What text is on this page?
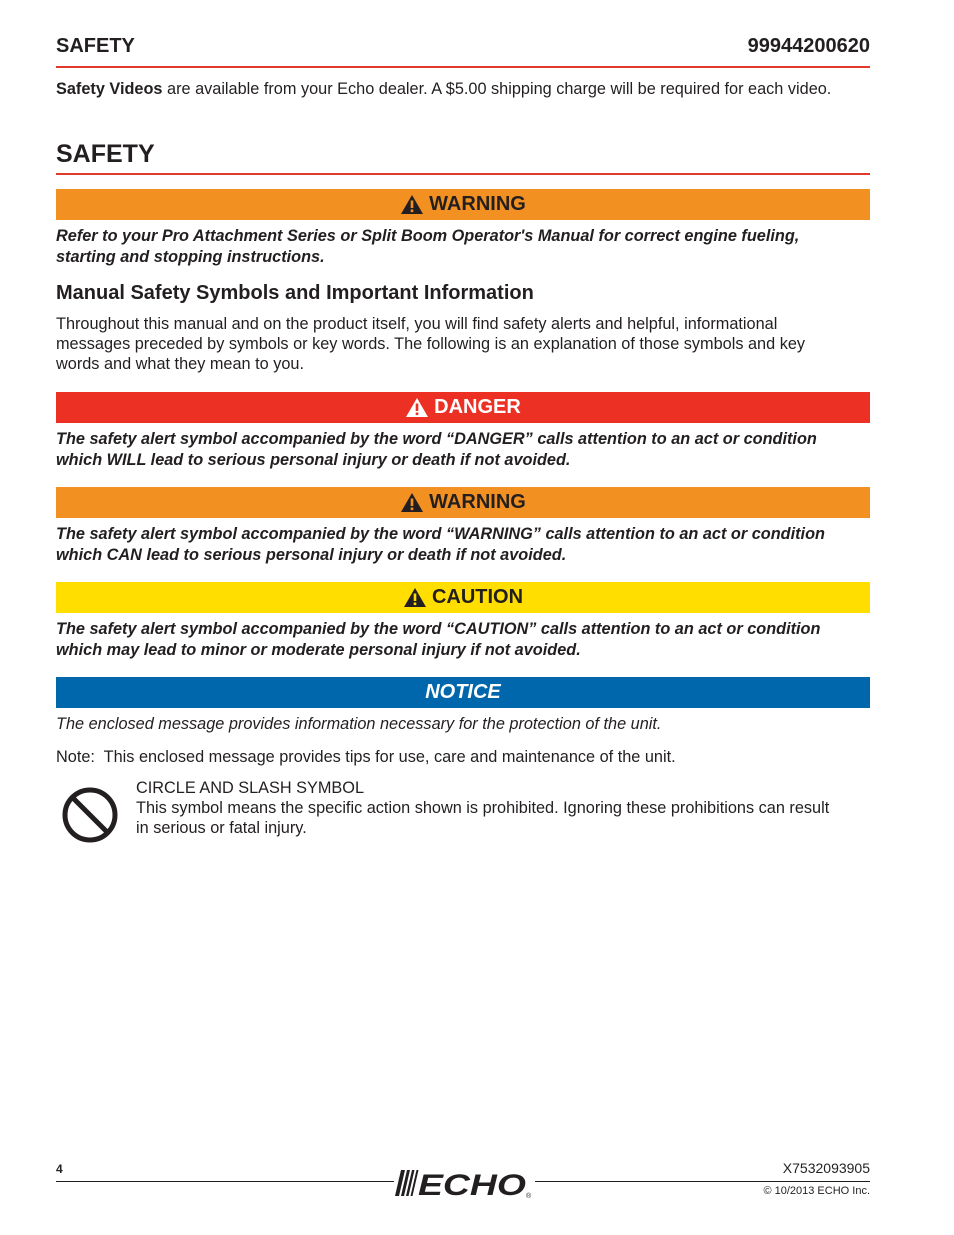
SAFETY	99944200620
Safety Videos are available from your Echo dealer. A $5.00 shipping charge will be required for each video.
SAFETY
WARNING
Refer to your Pro Attachment Series or Split Boom Operator's Manual for correct engine fueling,
starting and stopping instructions.
Manual Safety Symbols and Important Information
Throughout this manual and on the product itself, you will find safety alerts and helpful, informational
messages preceded by symbols or key words. The following is an explanation of those symbols and key
words and what they mean to you.
DANGER
The safety alert symbol accompanied by the word “DANGER” calls attention to an act or condition
which WILL lead to serious personal injury or death if not avoided.
WARNING
The safety alert symbol accompanied by the word “WARNING” calls attention to an act or condition
which CAN lead to serious personal injury or death if not avoided.
CAUTION
The safety alert symbol accompanied by the word “CAUTION” calls attention to an act or condition
which may lead to minor or moderate personal injury if not avoided.
NOTICE
The enclosed message provides information necessary for the protection of the unit.
Note:  This enclosed message provides tips for use, care and maintenance of the unit.
CIRCLE AND SLASH SYMBOL
This symbol means the specific action shown is prohibited. Ignoring these prohibitions can result
in serious or fatal injury.
4	X7532093905
© 10/2013 ECHO Inc.
ECHO ®
